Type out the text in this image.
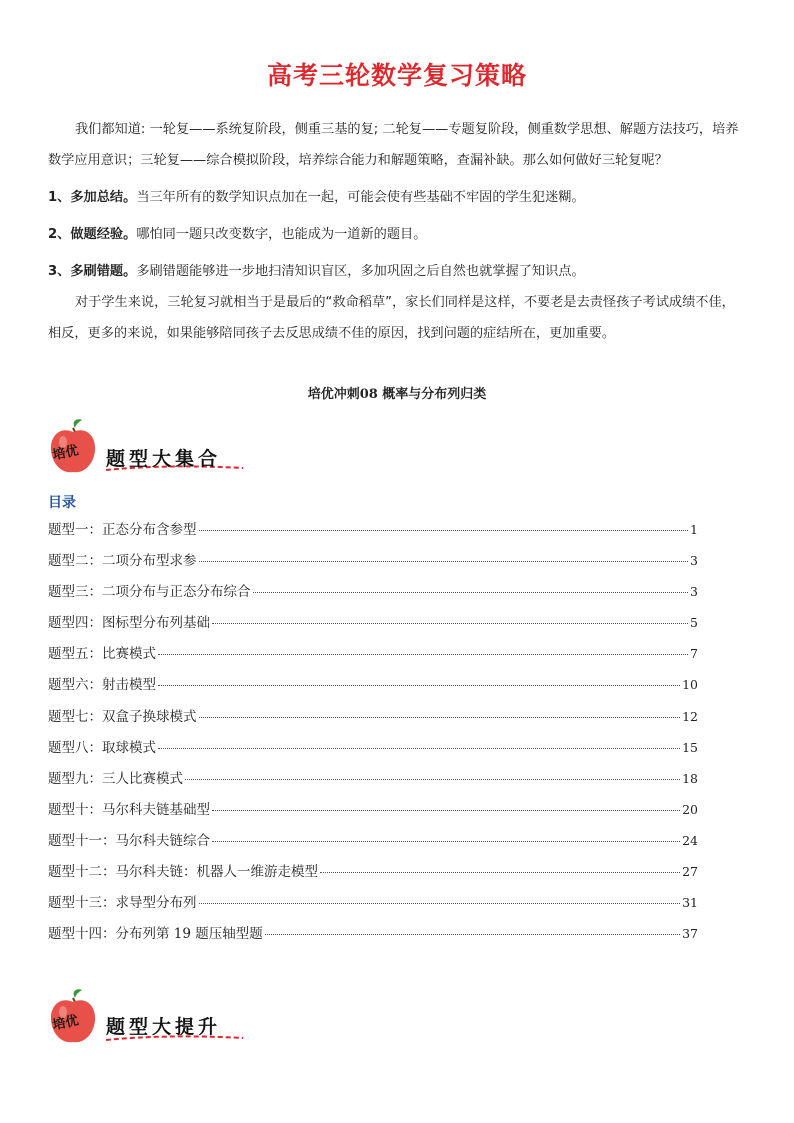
高考三轮数学复习策略

我们都知道: 一轮复——系统复阶段，侧重三基的复; 二轮复——专题复阶段，侧重数学思想、解题方法技巧，培养数学应用意识；三轮复——综合模拟阶段，培养综合能力和解题策略，查漏补缺。那么如何做好三轮复呢？

1、多加总结。当三年所有的数学知识点加在一起，可能会使有些基础不牢固的学生犯迷糊。

2、做题经验。哪怕同一题只改变数字，也能成为一道新的题目。

3、多刷错题。多刷错题能够进一步地扫清知识盲区，多加巩固之后自然也就掌握了知识点。

对于学生来说，三轮复习就相当于是最后的“救命稻草”，家长们同样是这样，不要老是去责怪孩子考试成绩不佳，相反，更多的来说，如果能够陪同孩子去反思成绩不佳的原因，找到问题的症结所在，更加重要。

培优冲刺08 概率与分布列归类
培优	题型大集合
目录
题型一：正态分布含参型	1
题型二：二项分布型求参	3
题型三：二项分布与正态分布综合	3
题型四：图标型分布列基础	5
题型五：比赛模式	7
题型六：射击模型	10
题型七：双盒子换球模式	12
题型八：取球模式	15
题型九：三人比赛模式	18
题型十：马尔科夫链基础型	20
题型十一：马尔科夫链综合	24
题型十二：马尔科夫链：机器人一维游走模型	27
题型十三：求导型分布列	31
题型十四：分布列第 19 题压轴型题	37
培优	题型大提升
